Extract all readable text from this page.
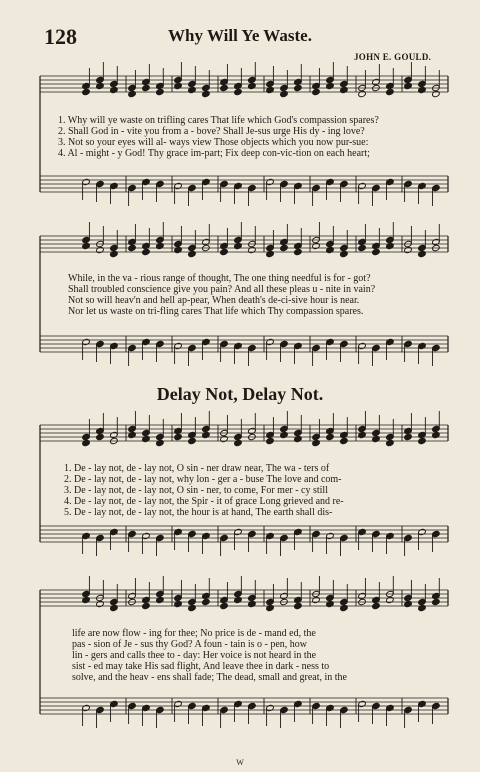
128	Why Will Ye Waste.
JOHN E. GOULD.
1. Why will ye waste on trifling cares That life which God's compassion spares?
2. Shall God in - vite you from a - bove? Shall Je-sus urge His dy - ing love?
3. Not so your eyes will al- ways view Those objects which you now pur-sue:
4. Al - might - y God! Thy grace im-part; Fix deep con-vic-tion on each heart;
While, in the va - rious range of thought, The one thing needful is for - got?
Shall troubled conscience give you pain? And all these pleas u - nite in vain?
Not so will heav'n and hell ap-pear, When death's de-ci-sive hour is near.
Nor let us waste on tri-fling cares That life which Thy compassion spares.
Delay Not, Delay Not.
1. De - lay not, de - lay not, O sin - ner draw near, The wa - ters of
2. De - lay not, de - lay not, why lon - ger a - buse The love and com-
3. De - lay not, de - lay not, O sin - ner, to come, For mer - cy still
4. De - lay not, de - lay not, the Spir - it of grace Long grieved and re-
5. De - lay not, de - lay not, the hour is at hand, The earth shall dis-
life are now flow - ing for thee; No price is de - mand ed, the
pas - sion of Je - sus thy God? A foun - tain is o - pen, how
lin - gers and calls thee to - day: Her voice is not heard in the
sist - ed may take His sad flight, And leave thee in dark - ness to
solve, and the heav - ens shall fade; The dead, small and great, in the
W
